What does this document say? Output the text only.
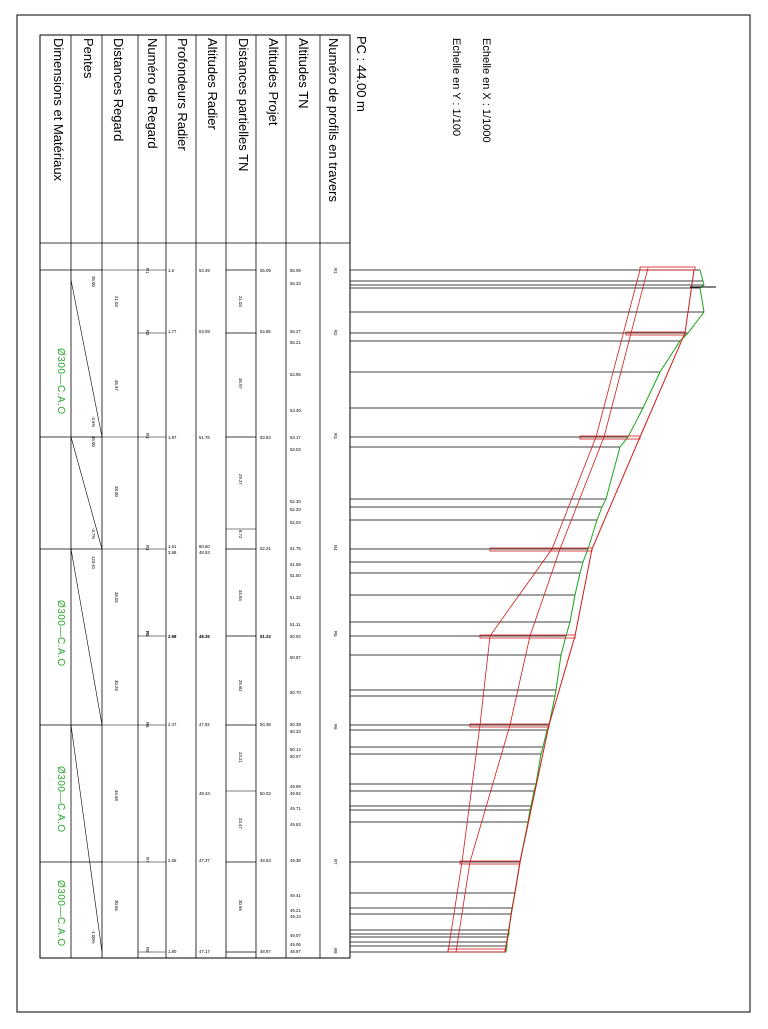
Echelle en X : 1/1000
Echelle en Y : 1/100
PC : 44.00 m
Numéro de profils en travers
Altitudes TN
Altitudes Projet
Distances partielles TN
Altitudes Radier
Profondeurs Radier
Numéro de Regard
Distances Regard
Pentes
Dimensions et Matériaux
Ø300—C.A.O
Ø300—C.A.O
Ø300—C.A.O
Ø300—C.A.O
R1
R2
R3
R4
R5
R6
R7
R8
55.09
55.33
55.27
55.21
53.95
53.49
53.17
53.03
52.30
52.20
52.04
51.75
51.58
51.50
51.32
51.11
50.92
50.87
50.70
50.39
50.33
50.14
50.07
49.99
49.92
49.71
49.63
49.38
49.41
49.21
49.13
49.07
49.06
48.97
55.09
54.85
53.83
52.21
51.33
50.39
50.03
49.53
48.97
21.03
36.97
29.27
8.72
34.84
25.60
23.21
23.47
30.66
53.49
53.09
51.76
50.60
48.53
48.35
47.92
48.43
47.37
47.17
1.6
1.77
1.87
1.61
3.68
2.98
2.47
2.06
1.80
R1
R2
R3
R4
R5
R6
R7
R8
21.03
36.97
38.00
38.02
30.28
46.68
30.66
36.00
-3.6%
36.00
-3.7%
123.61
-1.00%
